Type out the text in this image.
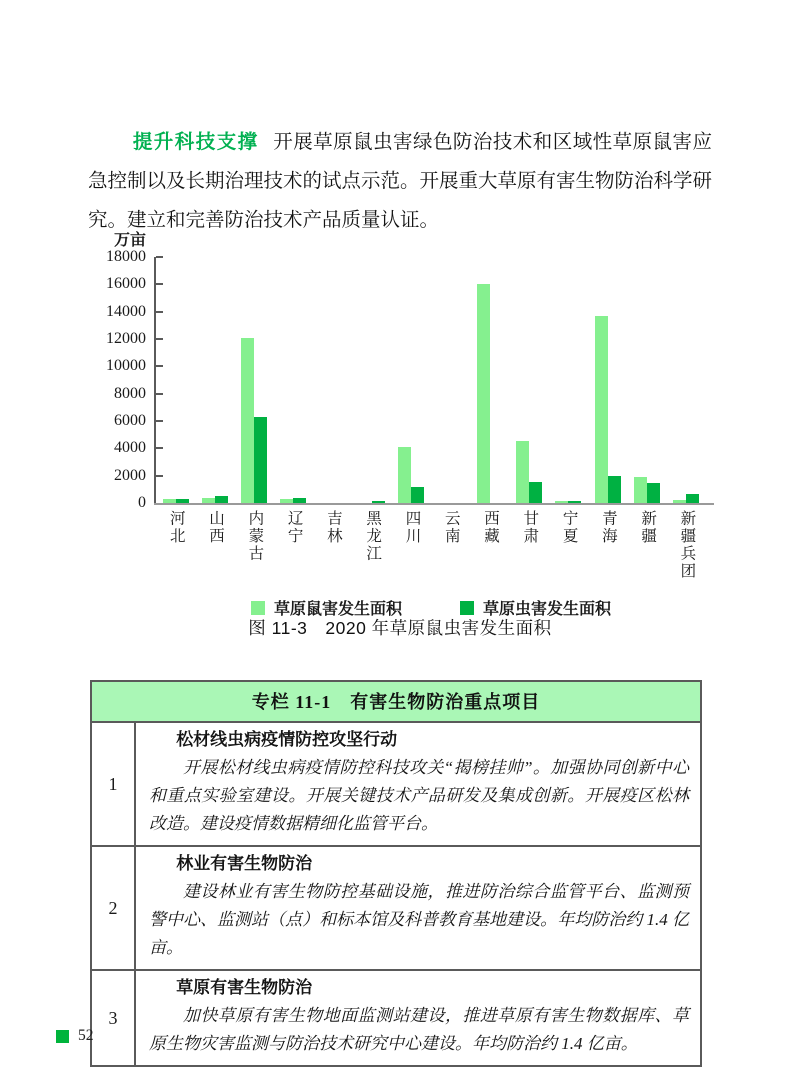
提升科技支撑 开展草原鼠虫害绿色防治技术和区域性草原鼠害应急控制以及长期治理技术的试点示范。开展重大草原有害生物防治科学研究。建立和完善防治技术产品质量认证。

万亩
0
2000
4000
6000
8000
10000
12000
14000
16000
18000
河北 山西 内蒙古 辽宁 吉林 黑龙江 四川 云南 西藏 甘肃 宁夏 青海 新疆 新疆兵团
草原鼠害发生面积	草原虫害发生面积
图 11-3　2020 年草原鼠虫害发生面积
专栏 11-1　有害生物防治重点项目
1
松材线虫病疫情防控攻坚行动
开展松材线虫病疫情防控科技攻关“揭榜挂帅”。加强协同创新中心和重点实验室建设。开展关键技术产品研发及集成创新。开展疫区松林改造。建设疫情数据精细化监管平台。
2
林业有害生物防治
建设林业有害生物防控基础设施，推进防治综合监管平台、监测预警中心、监测站（点）和标本馆及科普教育基地建设。年均防治约 1.4 亿亩。
3
草原有害生物防治
加快草原有害生物地面监测站建设，推进草原有害生物数据库、草原生物灾害监测与防治技术研究中心建设。年均防治约 1.4 亿亩。
52
